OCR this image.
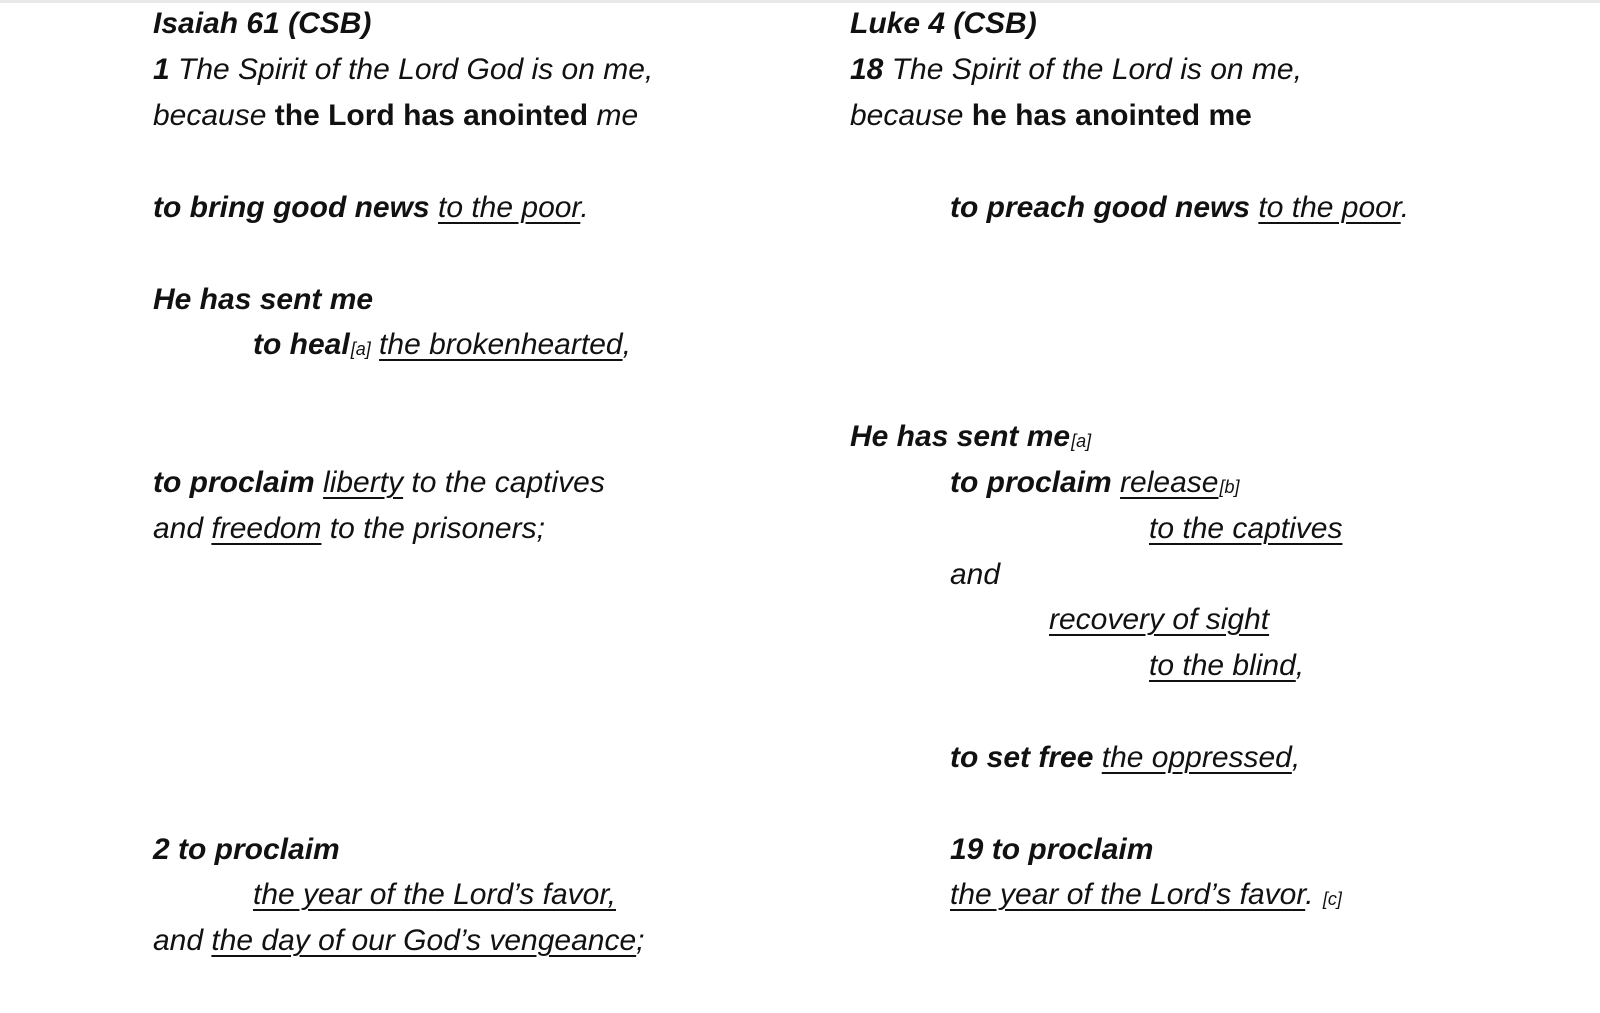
Isaiah 61 (CSB)
1 The Spirit of the Lord God is on me,
because the Lord has anointed me
to bring good news to the poor.
He has sent me
to heal[a] the brokenhearted,
to proclaim liberty to the captives
and freedom to the prisoners;
2 to proclaim
the year of the Lord’s favor,
and the day of our God’s vengeance;
Luke 4 (CSB)
18 The Spirit of the Lord is on me,
because he has anointed me
to preach good news to the poor.
He has sent me[a]
to proclaim release[b]
to the captives
and
recovery of sight
to the blind,
to set free the oppressed,
19 to proclaim
the year of the Lord’s favor. [c]
